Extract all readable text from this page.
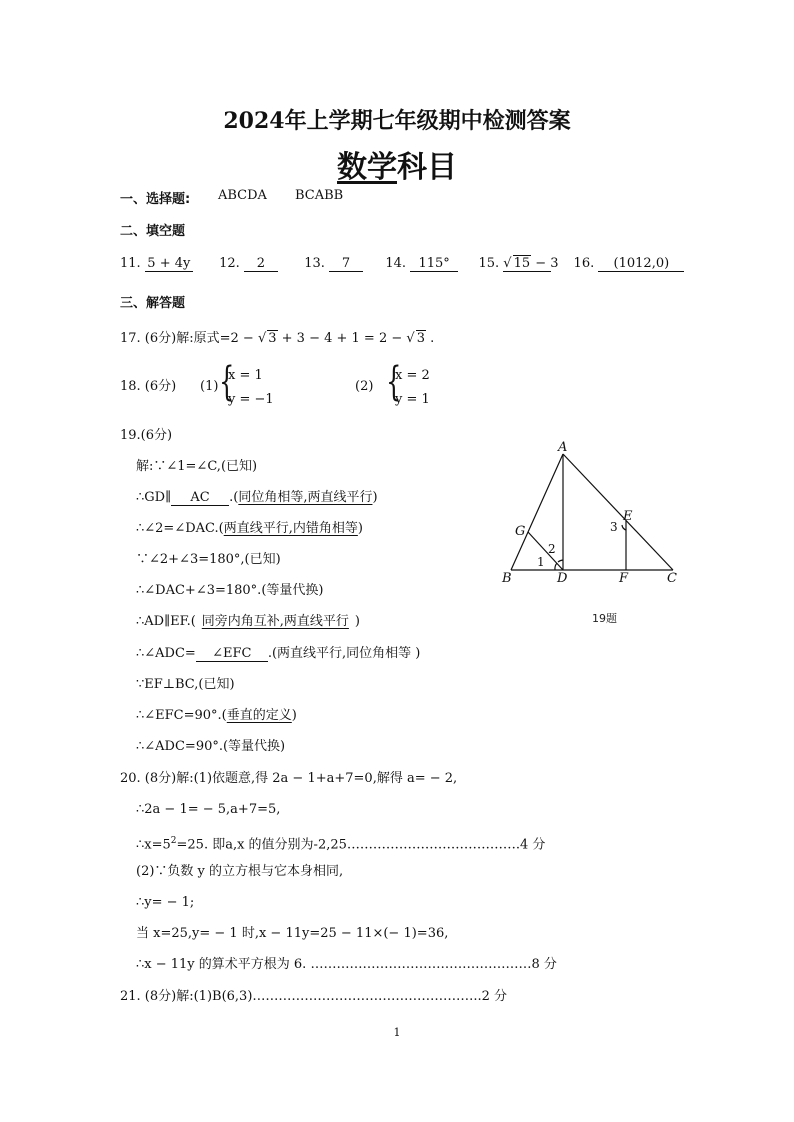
2024年上学期七年级期中检测答案
数学科目
一、选择题: ABCDA BCABB
二、填空题
11. 5 + 4y 12. 2	13. 7	14. 115° 15. √ 15 − 3 16. (1012,0)
三、解答题
17. (6分)解:原式=2 − √ 3 + 3 − 4 + 1 = 2 − √ 3 .
18. (6分) (1) {
x = 1
y = −1
(2) {
x = 2
y = 1
19.(6分)
解:∵∠1=∠C,(已知)
∴GD∥ AC .(同位角相等,两直线平行)
∴∠2=∠DAC.(两直线平行,内错角相等)
∵∠2+∠3=180°,(已知)
∴∠DAC+∠3=180°.(等量代换)
∴AD∥EF.( 同旁内角互补,两直线平行 )
∴∠ADC= ∠EFC .(两直线平行,同位角相等 )
∵EF⊥BC,(已知)
∴∠EFC=90°.(垂直的定义)
∴∠ADC=90°.(等量代换)
A
B	C
D
E
F
G
1
2
3
19题
20. (8分)解:(1)依题意,得 2a − 1+a+7=0,解得 a= − 2,
∴2a − 1= − 5,a+7=5,
$\therefore x=5^2=25$. 即a,x 的值分别为-2,25………………………………….4 分
(2)∵负数 y 的立方根与它本身相同,
∴y= − 1;
当 x=25,y= − 1 时,x − 11y=25 − 11×(− 1)=36,
∴x − 11y 的算术平方根为 6. ……………………………………………8 分
21. (8分)解:(1)B(6,3)……………………………………………..2 分
1
